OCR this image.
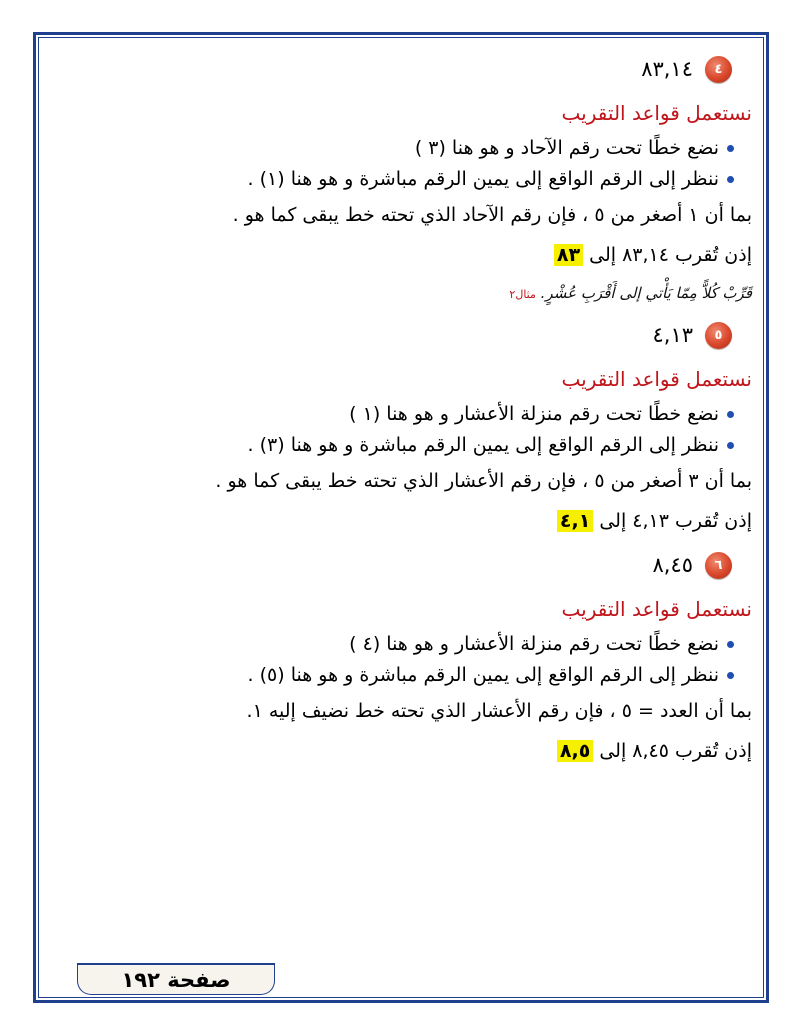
٤
٨٣,١٤
نستعمل قواعد التقريب
نضع خطًا تحت رقم الآحاد و هو هنا (٣ )
ننظر إلى الرقم الواقع إلى يمين الرقم مباشرة و هو هنا (١) .
بما أن ١ أصغر من ٥ ، فإن رقم الآحاد الذي تحته خط يبقى كما هو .
إذن تُقرب ٨٣,١٤ إلى ٨٣
قَرِّبْ كُلاًّ مِمّا يَأْتي إلى أَقْرَبِ عُشْرٍ. مثال٢
٥
٤,١٣
نستعمل قواعد التقريب
نضع خطًا تحت رقم منزلة الأعشار و هو هنا (١ )
ننظر إلى الرقم الواقع إلى يمين الرقم مباشرة و هو هنا (٣) .
بما أن ٣ أصغر من ٥ ، فإن رقم الأعشار الذي تحته خط يبقى كما هو .
إذن تُقرب ٤,١٣ إلى ٤,١
٦
٨,٤٥
نستعمل قواعد التقريب
نضع خطًا تحت رقم منزلة الأعشار و هو هنا (٤ )
ننظر إلى الرقم الواقع إلى يمين الرقم مباشرة و هو هنا (٥) .
بما أن العدد = ٥ ، فإن رقم الأعشار الذي تحته خط نضيف إليه ١.
إذن تُقرب ٨,٤٥ إلى ٨,٥
صفحة ١٩٢
